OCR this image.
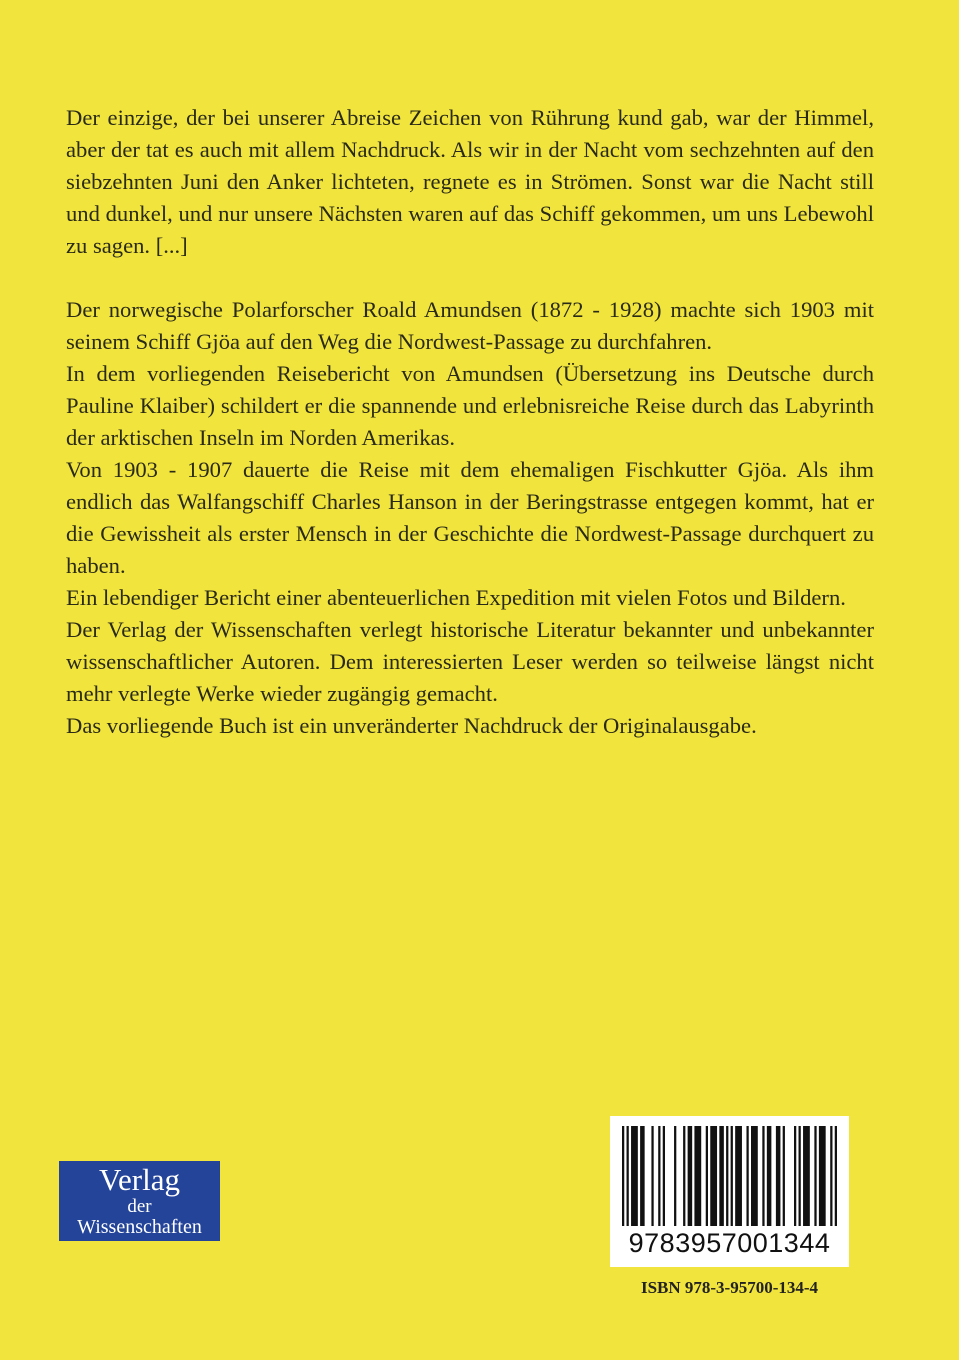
Der einzige, der bei unserer Abreise Zeichen von Rührung kund gab, war der Himmel, aber der tat es auch mit allem Nachdruck. Als wir in der Nacht vom sechzehnten auf den siebzehnten Juni den Anker lichteten, regnete es in Strömen. Sonst war die Nacht still und dunkel, und nur unsere Nächsten waren auf das Schiff gekommen, um uns Lebewohl zu sagen. [...]

Der norwegische Polarforscher Roald Amundsen (1872 - 1928) machte sich 1903 mit seinem Schiff Gjöa auf den Weg die Nordwest-Passage zu durchfahren.

In dem vorliegenden Reisebericht von Amundsen (Übersetzung ins Deutsche durch Pauline Klaiber) schildert er die spannende und erlebnisreiche Reise durch das Labyrinth der arktischen Inseln im Norden Amerikas.

Von 1903 - 1907 dauerte die Reise mit dem ehemaligen Fischkutter Gjöa. Als ihm endlich das Walfangschiff Charles Hanson in der Beringstrasse entgegen kommt, hat er die Gewissheit als erster Mensch in der Geschichte die Nordwest-Passage durchquert zu haben.

Ein lebendiger Bericht einer abenteuerlichen Expedition mit vielen Fotos und Bildern.

Der Verlag der Wissenschaften verlegt historische Literatur bekannter und unbekannter wissenschaftlicher Autoren. Dem interessierten Leser werden so teilweise längst nicht mehr verlegte Werke wieder zugängig gemacht.

Das vorliegende Buch ist ein unveränderter Nachdruck der Originalausgabe.

Verlag
der
Wissenschaften
9783957001344
ISBN 978-3-95700-134-4
